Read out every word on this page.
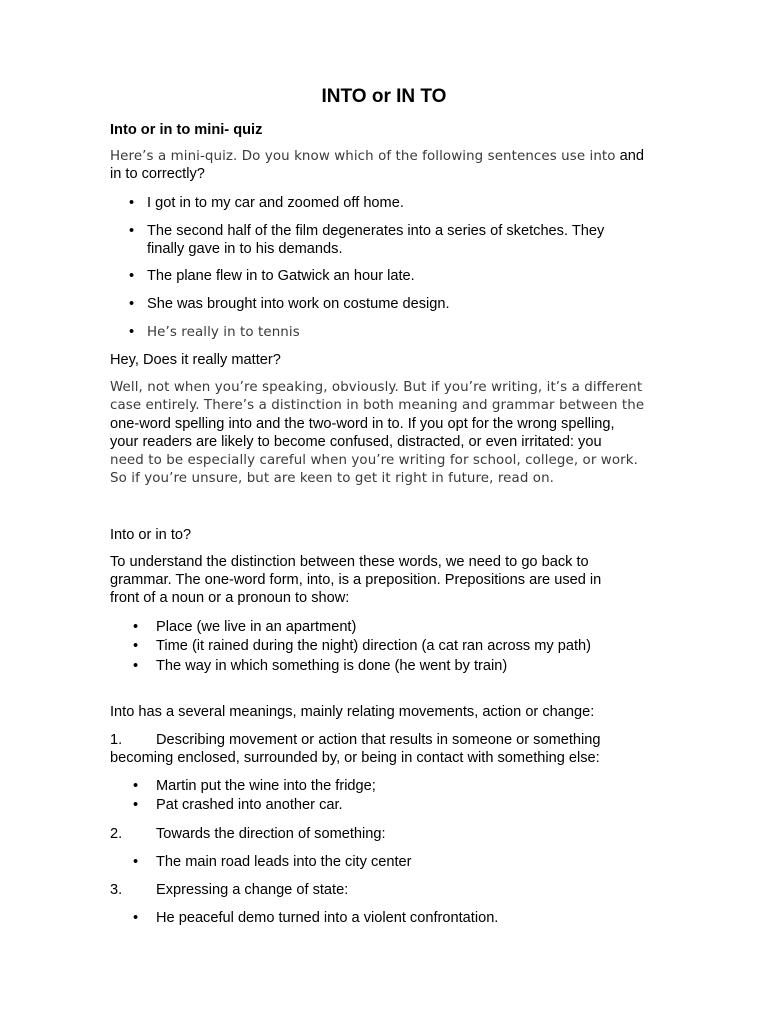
INTO or IN TO
Into or in to mini- quiz
Here’s a mini-quiz. Do you know which of the following sentences use into and
in to correctly?
• I got in to my car and zoomed off home.
• The second half of the film degenerates into a series of sketches. They
finally gave in to his demands.
• The plane flew in to Gatwick an hour late.
• She was brought into work on costume design.
• He’s really in to tennis
Hey, Does it really matter?
Well, not when you’re speaking, obviously. But if you’re writing, it’s a different
case entirely. There’s a distinction in both meaning and grammar between the
one-word spelling into and the two-word in to. If you opt for the wrong spelling,
your readers are likely to become confused, distracted, or even irritated: you
need to be especially careful when you’re writing for school, college, or work.
So if you’re unsure, but are keen to get it right in future, read on.
Into or in to?
To understand the distinction between these words, we need to go back to
grammar. The one-word form, into, is a preposition. Prepositions are used in
front of a noun or a pronoun to show:
• Place (we live in an apartment)
• Time (it rained during the night) direction (a cat ran across my path)
• The way in which something is done (he went by train)
Into has a several meanings, mainly relating movements, action or change:
1. Describing movement or action that results in someone or something
becoming enclosed, surrounded by, or being in contact with something else:
• Martin put the wine into the fridge;
• Pat crashed into another car.
2. Towards the direction of something:
• The main road leads into the city center
3. Expressing a change of state:
• He peaceful demo turned into a violent confrontation.
